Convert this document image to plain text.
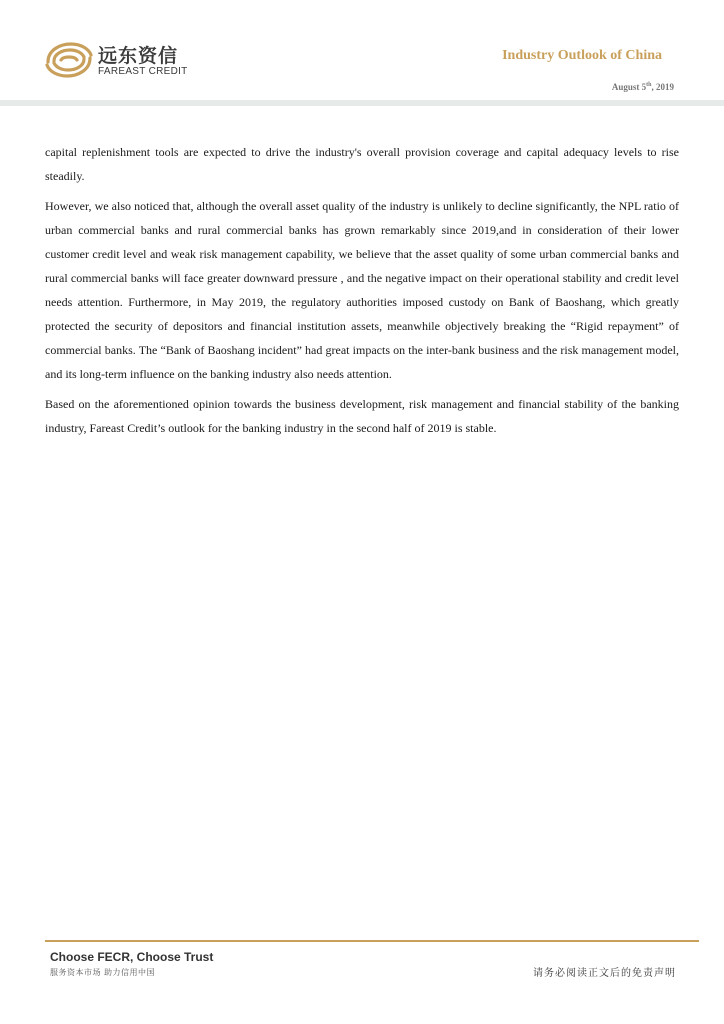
远东资信
FAREAST CREDIT
Industry Outlook of China
August 5th, 2019

capital replenishment tools are expected to drive the industry's overall provision coverage and capital adequacy levels to rise steadily.

However, we also noticed that, although the overall asset quality of the industry is unlikely to decline significantly, the NPL ratio of urban commercial banks and rural commercial banks has grown remarkably since 2019,and in consideration of their lower customer credit level and weak risk management capability, we believe that the asset quality of some urban commercial banks and rural commercial banks will face greater downward pressure , and the negative impact on their operational stability and credit level needs attention. Furthermore, in May 2019, the regulatory authorities imposed custody on Bank of Baoshang, which greatly protected the security of depositors and financial institution assets, meanwhile objectively breaking the “Rigid repayment” of commercial banks. The “Bank of Baoshang incident” had great impacts on the inter-bank business and the risk management model, and its long-term influence on the banking industry also needs attention.

Based on the aforementioned opinion towards the business development, risk management and financial stability of the banking industry, Fareast Credit’s outlook for the banking industry in the second half of 2019 is stable.

Choose FECR, Choose Trust
服务资本市场 助力信用中国	请务必阅读正文后的免责声明
